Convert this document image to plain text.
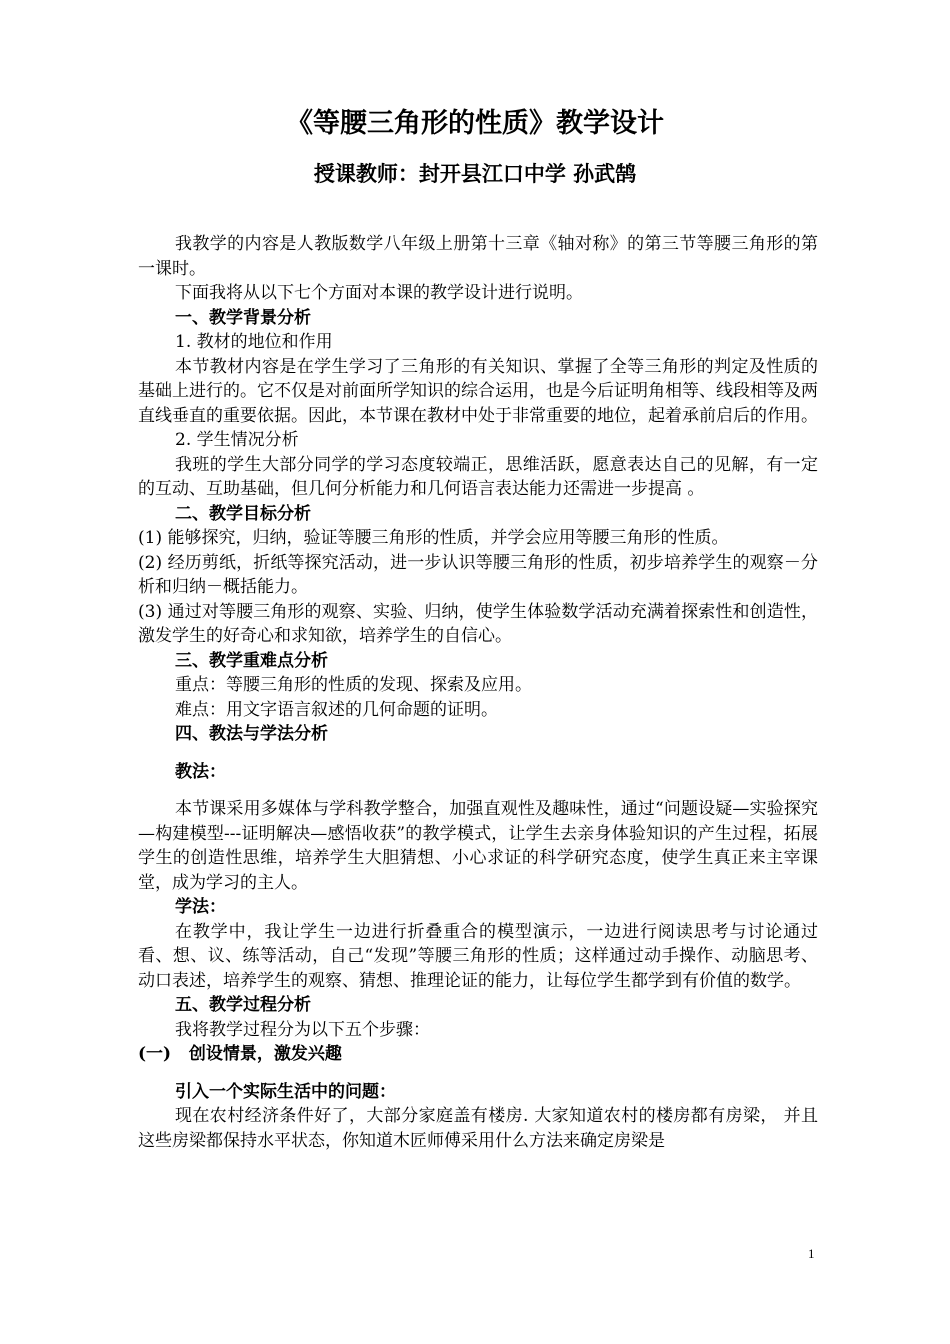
《等腰三角形的性质》教学设计
授课教师：封开县江口中学 孙武鹄

我教学的内容是人教版数学八年级上册第十三章《轴对称》的第三节等腰三角形的第一课时。

下面我将从以下七个方面对本课的教学设计进行说明。

一、教学背景分析

1. 教材的地位和作用

本节教材内容是在学生学习了三角形的有关知识、掌握了全等三角形的判定及性质的基础上进行的。它不仅是对前面所学知识的综合运用，也是今后证明角相等、线段相等及两直线垂直的重要依据。因此，本节课在教材中处于非常重要的地位，起着承前启后的作用。

2. 学生情况分析

我班的学生大部分同学的学习态度较端正，思维活跃，愿意表达自己的见解，有一定的互动、互助基础，但几何分析能力和几何语言表达能力还需进一步提高 。

二、教学目标分析

(1) 能够探究，归纳，验证等腰三角形的性质，并学会应用等腰三角形的性质。

(2) 经历剪纸，折纸等探究活动，进一步认识等腰三角形的性质，初步培养学生的观察－分析和归纳－概括能力。

(3) 通过对等腰三角形的观察、实验、归纳，使学生体验数学活动充满着探索性和创造性，激发学生的好奇心和求知欲，培养学生的自信心。

三、教学重难点分析

重点：等腰三角形的性质的发现、探索及应用。

难点：用文字语言叙述的几何命题的证明。

四、教法与学法分析

教法：

本节课采用多媒体与学科教学整合，加强直观性及趣味性，通过“问题设疑—实验探究—构建模型---证明解决—感悟收获”的教学模式，让学生去亲身体验知识的产生过程，拓展学生的创造性思维，培养学生大胆猜想、小心求证的科学研究态度，使学生真正来主宰课堂，成为学习的主人。

学法：

在教学中，我让学生一边进行折叠重合的模型演示，一边进行阅读思考与讨论通过看、想、议、练等活动，自己“发现”等腰三角形的性质；这样通过动手操作、动脑思考、动口表述，培养学生的观察、猜想、推理论证的能力，让每位学生都学到有价值的数学。

五、教学过程分析

我将教学过程分为以下五个步骤：

(一)   创设情景，激发兴趣

引入一个实际生活中的问题：

现在农村经济条件好了，大部分家庭盖有楼房. 大家知道农村的楼房都有房梁， 并且这些房梁都保持水平状态，你知道木匠师傅采用什么方法来确定房梁是

1
